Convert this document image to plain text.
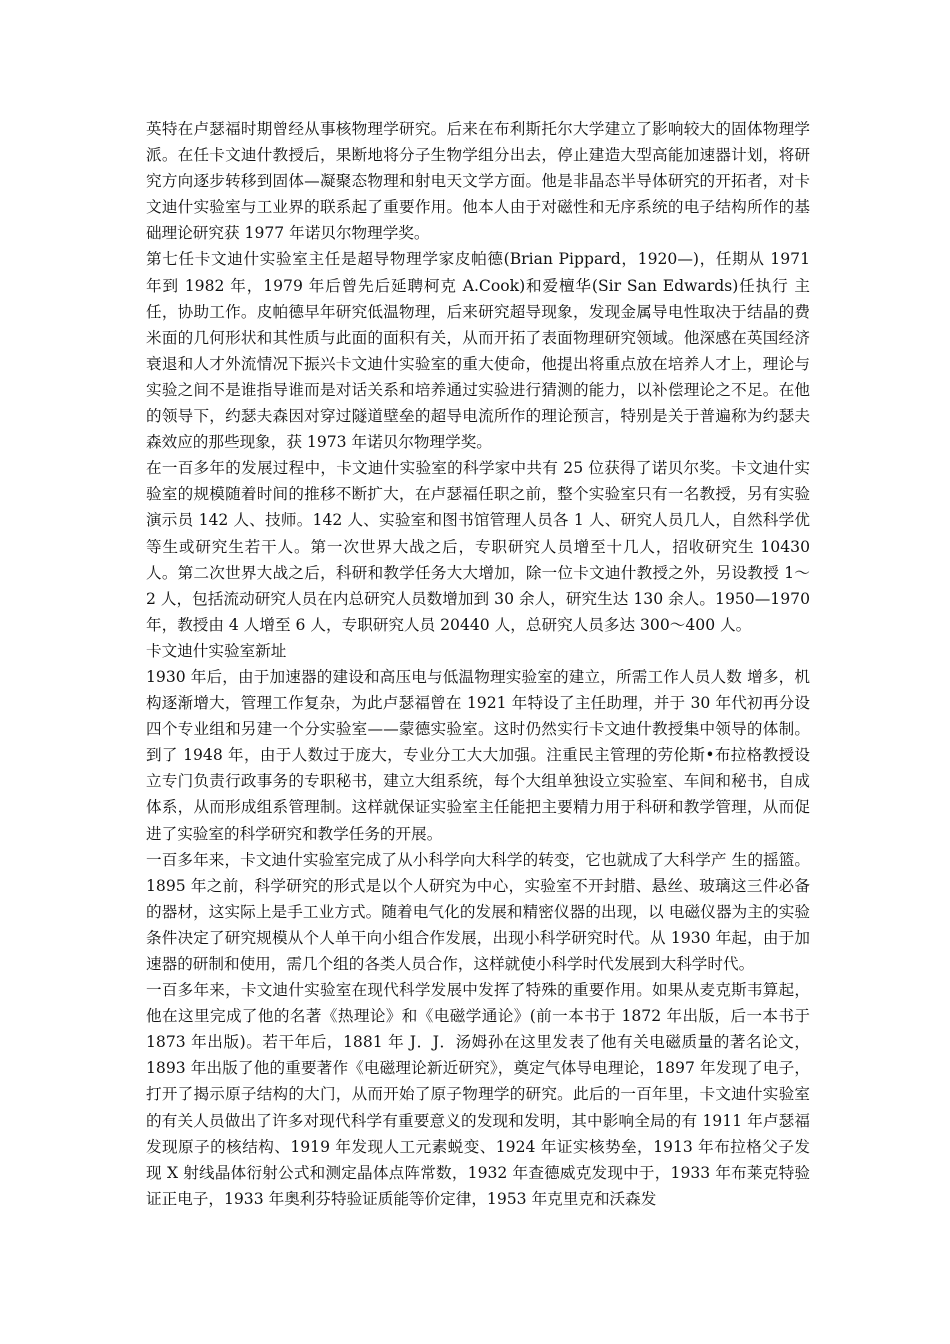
英特在卢瑟福时期曾经从事核物理学研究。后来在布利斯托尔大学建立了影响较大的固体物理学派。在任卡文迪什教授后，果断地将分子生物学组分出去，停止建造大型高能加速器计划，将研究方向逐步转移到固体—凝聚态物理和射电天文学方面。他是非晶态半导体研究的开拓者，对卡文迪什实验室与工业界的联系起了重要作用。他本人由于对磁性和无序系统的电子结构所作的基础理论研究获 1977 年诺贝尔物理学奖。

第七任卡文迪什实验室主任是超导物理学家皮帕德(Brian Pippard，1920—)，任期从 1971 年到 1982 年，1979 年后曾先后延聘柯克 A.Cook)和爱檀华(Sir San Edwards)任执行 主任，协助工作。皮帕德早年研究低温物理，后来研究超导现象，发现金属导电性取决于结晶的费米面的几何形状和其性质与此面的面积有关，从而开拓了表面物理研究领域。他深感在英国经济衰退和人才外流情况下振兴卡文迪什实验室的重大使命，他提出将重点放在培养人才上，理论与实验之间不是谁指导谁而是对话关系和培养通过实验进行猜测的能力，以补偿理论之不足。在他的领导下，约瑟夫森因对穿过隧道壁垒的超导电流所作的理论预言，特别是关于普遍称为约瑟夫森效应的那些现象，获 1973 年诺贝尔物理学奖。

在一百多年的发展过程中，卡文迪什实验室的科学家中共有 25 位获得了诺贝尔奖。卡文迪什实验室的规模随着时间的推移不断扩大，在卢瑟福任职之前，整个实验室只有一名教授，另有实验演示员 142 人、技师。142 人、实验室和图书馆管理人员各 1 人、研究人员几人，自然科学优等生或研究生若干人。第一次世界大战之后，专职研究人员增至十几人，招收研究生 10430 人。第二次世界大战之后，科研和教学任务大大增加，除一位卡文迪什教授之外，另设教授 1～2 人，包括流动研究人员在内总研究人员数增加到 30 余人，研究生达 130 余人。1950—1970 年，教授由 4 人增至 6 人，专职研究人员 20440 人，总研究人员多达 300～400 人。

卡文迪什实验室新址

1930 年后，由于加速器的建设和高压电与低温物理实验室的建立，所需工作人员人数 增多，机构逐渐增大，管理工作复杂，为此卢瑟福曾在 1921 年特设了主任助理，并于 30 年代初再分设四个专业组和另建一个分实验室——蒙德实验室。这时仍然实行卡文迪什教授集中领导的体制。到了 1948 年，由于人数过于庞大，专业分工大大加强。注重民主管理的劳伦斯•布拉格教授设立专门负责行政事务的专职秘书，建立大组系统，每个大组单独设立实验室、车间和秘书，自成体系，从而形成组系管理制。这样就保证实验室主任能把主要精力用于科研和教学管理，从而促进了实验室的科学研究和教学任务的开展。

一百多年来，卡文迪什实验室完成了从小科学向大科学的转变，它也就成了大科学产 生的摇篮。1895 年之前，科学研究的形式是以个人研究为中心，实验室不开封腊、悬丝、玻璃这三件必备的器材，这实际上是手工业方式。随着电气化的发展和精密仪器的出现，以 电磁仪器为主的实验条件决定了研究规模从个人单干向小组合作发展，出现小科学研究时代。从 1930 年起，由于加速器的研制和使用，需几个组的各类人员合作，这样就使小科学时代发展到大科学时代。

一百多年来，卡文迪什实验室在现代科学发展中发挥了特殊的重要作用。如果从麦克斯韦算起，他在这里完成了他的名著《热理论》和《电磁学通论》(前一本书于 1872 年出版，后一本书于 1873 年出版)。若干年后，1881 年 J．J．汤姆孙在这里发表了他有关电磁质量的著名论文，1893 年出版了他的重要著作《电磁理论新近研究》，奠定气体导电理论，1897 年发现了电子，打开了揭示原子结构的大门，从而开始了原子物理学的研究。此后的一百年里，卡文迪什实验室的有关人员做出了许多对现代科学有重要意义的发现和发明，其中影响全局的有 1911 年卢瑟福发现原子的核结构、1919 年发现人工元素蜕变、1924 年证实核势垒，1913 年布拉格父子发现 X 射线晶体衍射公式和测定晶体点阵常数，1932 年查德威克发现中于，1933 年布莱克特验证正电子，1933 年奥利芬特验证质能等价定律，1953 年克里克和沃森发
